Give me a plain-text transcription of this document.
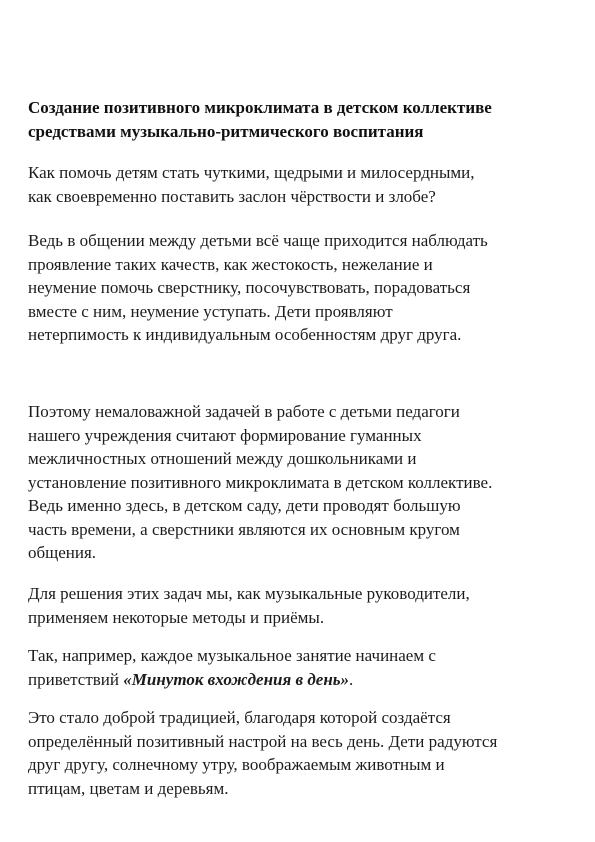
Создание позитивного микроклимата в детском коллективе
средствами музыкально-ритмического воспитания
Как помочь детям стать чуткими, щедрыми и милосердными,
как своевременно поставить заслон чёрствости и злобе?
Ведь в общении между детьми всё чаще приходится наблюдать
проявление таких качеств, как жестокость, нежелание и
неумение помочь сверстнику, посочувствовать, порадоваться
вместе с ним, неумение уступать. Дети проявляют
нетерпимость к индивидуальным особенностям друг друга.
Поэтому немаловажной задачей в работе с детьми педагоги
нашего учреждения считают формирование гуманных
межличностных отношений между дошкольниками и
установление позитивного микроклимата в детском коллективе.
Ведь именно здесь, в детском саду, дети проводят большую
часть времени, а сверстники являются их основным кругом
общения.
Для решения этих задач мы, как музыкальные руководители,
применяем некоторые методы и приёмы.
Так, например, каждое музыкальное занятие начинаем с
приветствий «Минуток вхождения в день».
Это стало доброй традицией, благодаря которой создаётся
определённый позитивный настрой на весь день. Дети радуются
друг другу, солнечному утру, воображаемым животным и
птицам, цветам и деревьям.
